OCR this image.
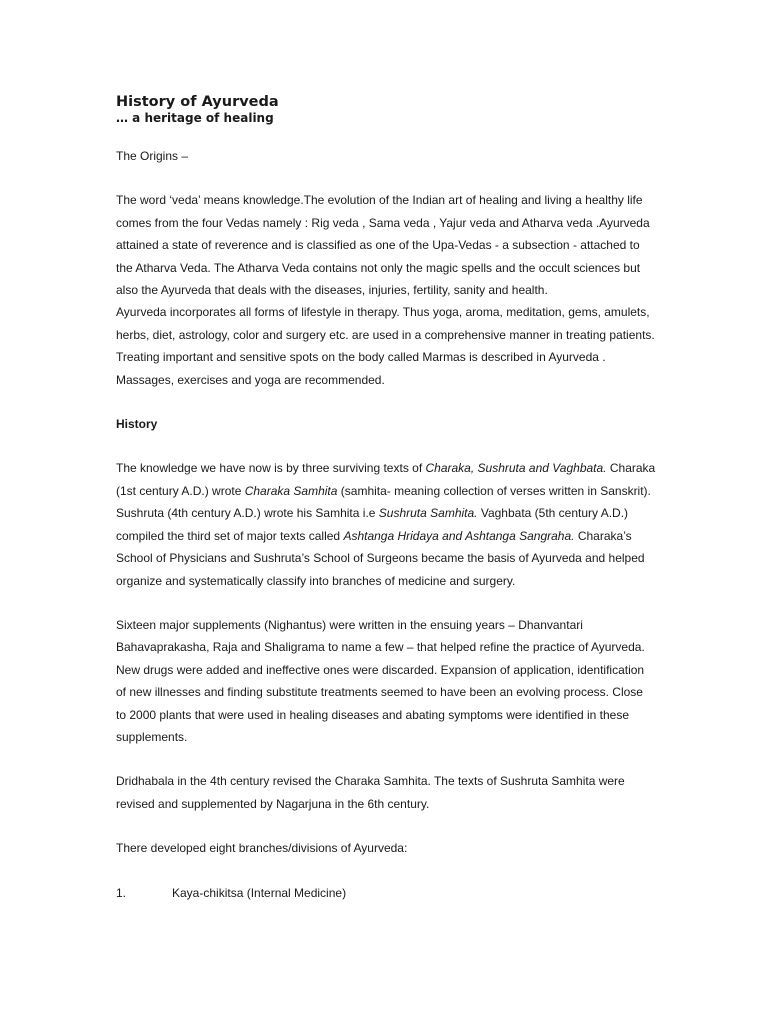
History of Ayurveda
… a heritage of healing

The Origins –

The word ‘veda’ means knowledge.The evolution of the Indian art of healing and living a healthy life comes from the four Vedas namely : Rig veda , Sama veda , Yajur veda and Atharva veda .Ayurveda attained a state of reverence and is classified as one of the Upa-Vedas - a subsection - attached to the Atharva Veda. The Atharva Veda contains not only the magic spells and the occult sciences but also the Ayurveda that deals with the diseases, injuries, fertility, sanity and health.

Ayurveda incorporates all forms of lifestyle in therapy. Thus yoga, aroma, meditation, gems, amulets, herbs, diet, astrology, color and surgery etc. are used in a comprehensive manner in treating patients. Treating important and sensitive spots on the body called Marmas is described in Ayurveda . Massages, exercises and yoga are recommended.

History

The knowledge we have now is by three surviving texts of Charaka, Sushruta and Vaghbata. Charaka (1st century A.D.) wrote Charaka Samhita (samhita- meaning collection of verses written in Sanskrit). Sushruta (4th century A.D.) wrote his Samhita i.e Sushruta Samhita. Vaghbata (5th century A.D.) compiled the third set of major texts called Ashtanga Hridaya and Ashtanga Sangraha. Charaka’s School of Physicians and Sushruta’s School of Surgeons became the basis of Ayurveda and helped organize and systematically classify into branches of medicine and surgery.

Sixteen major supplements (Nighantus) were written in the ensuing years – Dhanvantari Bahavaprakasha, Raja and Shaligrama to name a few – that helped refine the practice of Ayurveda. New drugs were added and ineffective ones were discarded. Expansion of application, identification of new illnesses and finding substitute treatments seemed to have been an evolving process. Close to 2000 plants that were used in healing diseases and abating symptoms were identified in these supplements.

Dridhabala in the 4th century revised the Charaka Samhita. The texts of Sushruta Samhita were revised and supplemented by Nagarjuna in the 6th century.

There developed eight branches/divisions of Ayurveda:

1.	Kaya-chikitsa (Internal Medicine)
